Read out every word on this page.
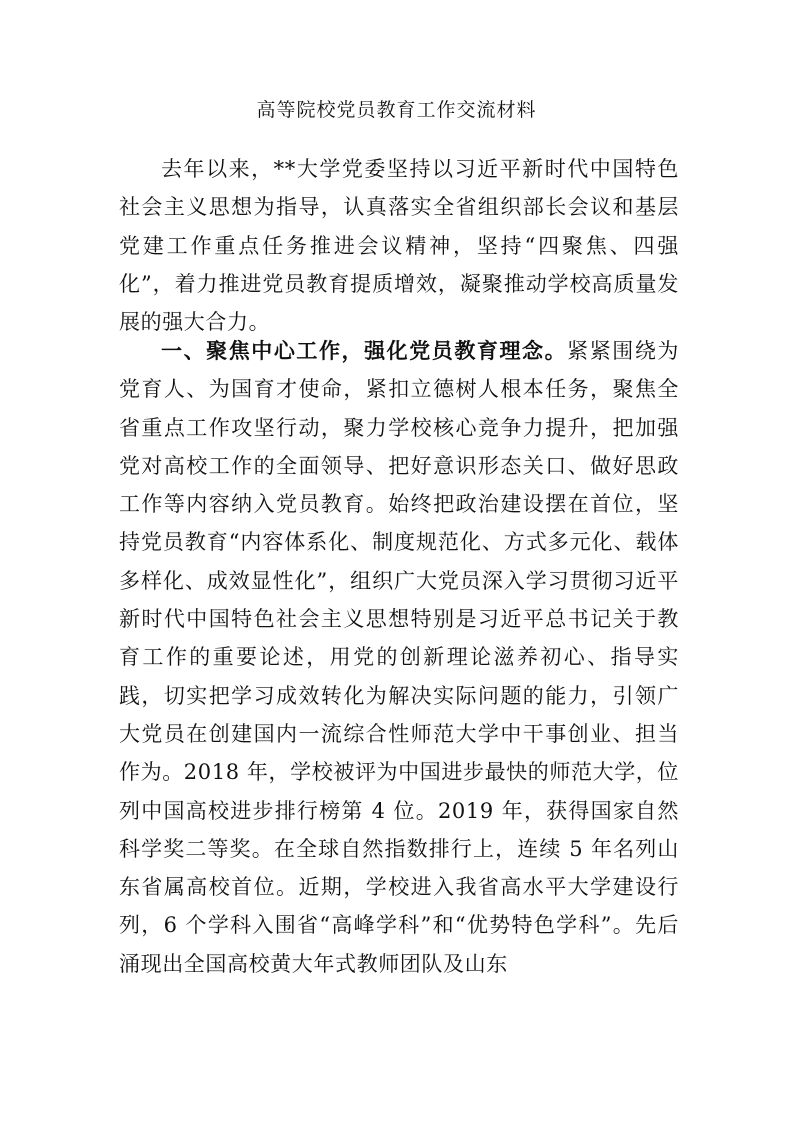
高等院校党员教育工作交流材料

去年以来，**大学党委坚持以习近平新时代中国特色社会主义思想为指导，认真落实全省组织部长会议和基层党建工作重点任务推进会议精神，坚持“四聚焦、四强化”，着力推进党员教育提质增效，凝聚推动学校高质量发展的强大合力。

一、聚焦中心工作，强化党员教育理念。紧紧围绕为党育人、为国育才使命，紧扣立德树人根本任务，聚焦全省重点工作攻坚行动，聚力学校核心竞争力提升，把加强党对高校工作的全面领导、把好意识形态关口、做好思政工作等内容纳入党员教育。始终把政治建设摆在首位，坚持党员教育“内容体系化、制度规范化、方式多元化、载体多样化、成效显性化”，组织广大党员深入学习贯彻习近平新时代中国特色社会主义思想特别是习近平总书记关于教育工作的重要论述，用党的创新理论滋养初心、指导实践，切实把学习成效转化为解决实际问题的能力，引领广大党员在创建国内一流综合性师范大学中干事创业、担当作为。2018 年，学校被评为中国进步最快的师范大学，位列中国高校进步排行榜第 4 位。2019 年，获得国家自然科学奖二等奖。在全球自然指数排行上，连续 5 年名列山东省属高校首位。近期，学校进入我省高水平大学建设行列，6 个学科入围省“高峰学科”和“优势特色学科”。先后涌现出全国高校黄大年式教师团队及山东
